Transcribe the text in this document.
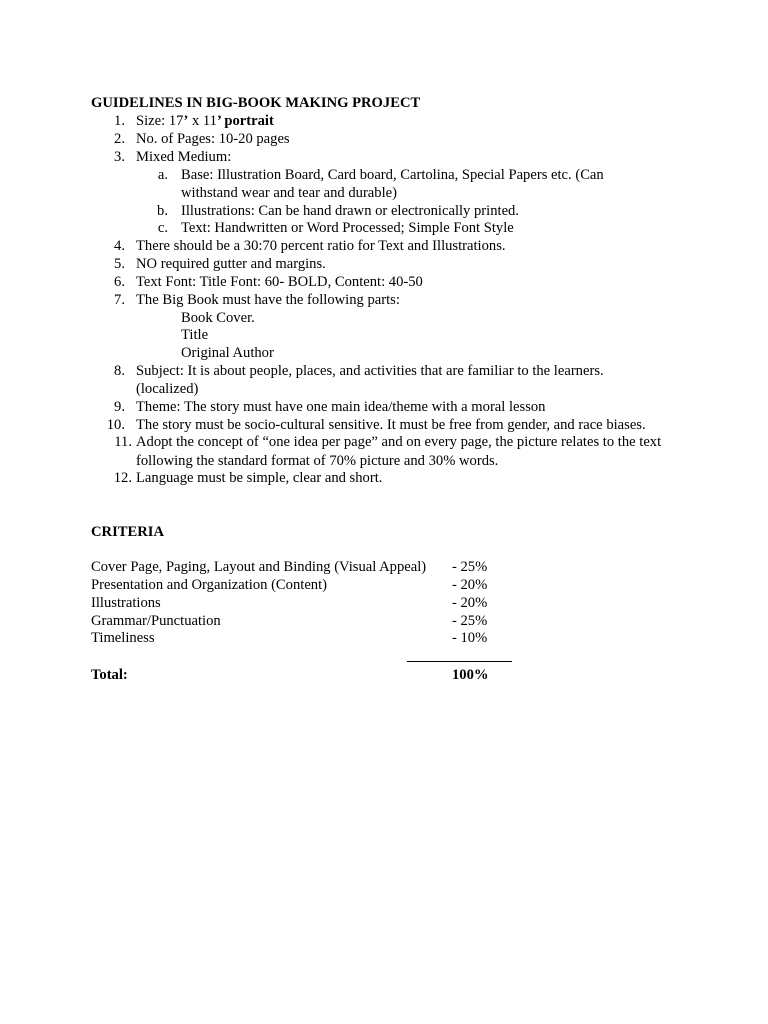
GUIDELINES IN BIG-BOOK MAKING PROJECT
1. Size: 17’ x 11’ portrait
2. No. of Pages: 10-20 pages
3. Mixed Medium:
a. Base: Illustration Board, Card board, Cartolina, Special Papers etc. (Can
withstand wear and tear and durable)
b. Illustrations: Can be hand drawn or electronically printed.
c. Text: Handwritten or Word Processed; Simple Font Style
4. There should be a 30:70 percent ratio for Text and Illustrations.
5. NO required gutter and margins.
6. Text Font: Title Font: 60- BOLD, Content: 40-50
7. The Big Book must have the following parts:
Book Cover.
Title
Original Author
8. Subject: It is about people, places, and activities that are familiar to the learners.
(localized)
9. Theme: The story must have one main idea/theme with a moral lesson
10. The story must be socio-cultural sensitive. It must be free from gender, and race biases.
11. Adopt the concept of “one idea per page” and on every page, the picture relates to the text
following the standard format of 70% picture and 30% words.
12. Language must be simple, clear and short.
CRITERIA
Cover Page, Paging, Layout and Binding (Visual Appeal) - 25%
Presentation and Organization (Content)	- 20%
Illustrations	- 20%
Grammar/Punctuation	- 25%
Timeliness	- 10%
Total:	100%
